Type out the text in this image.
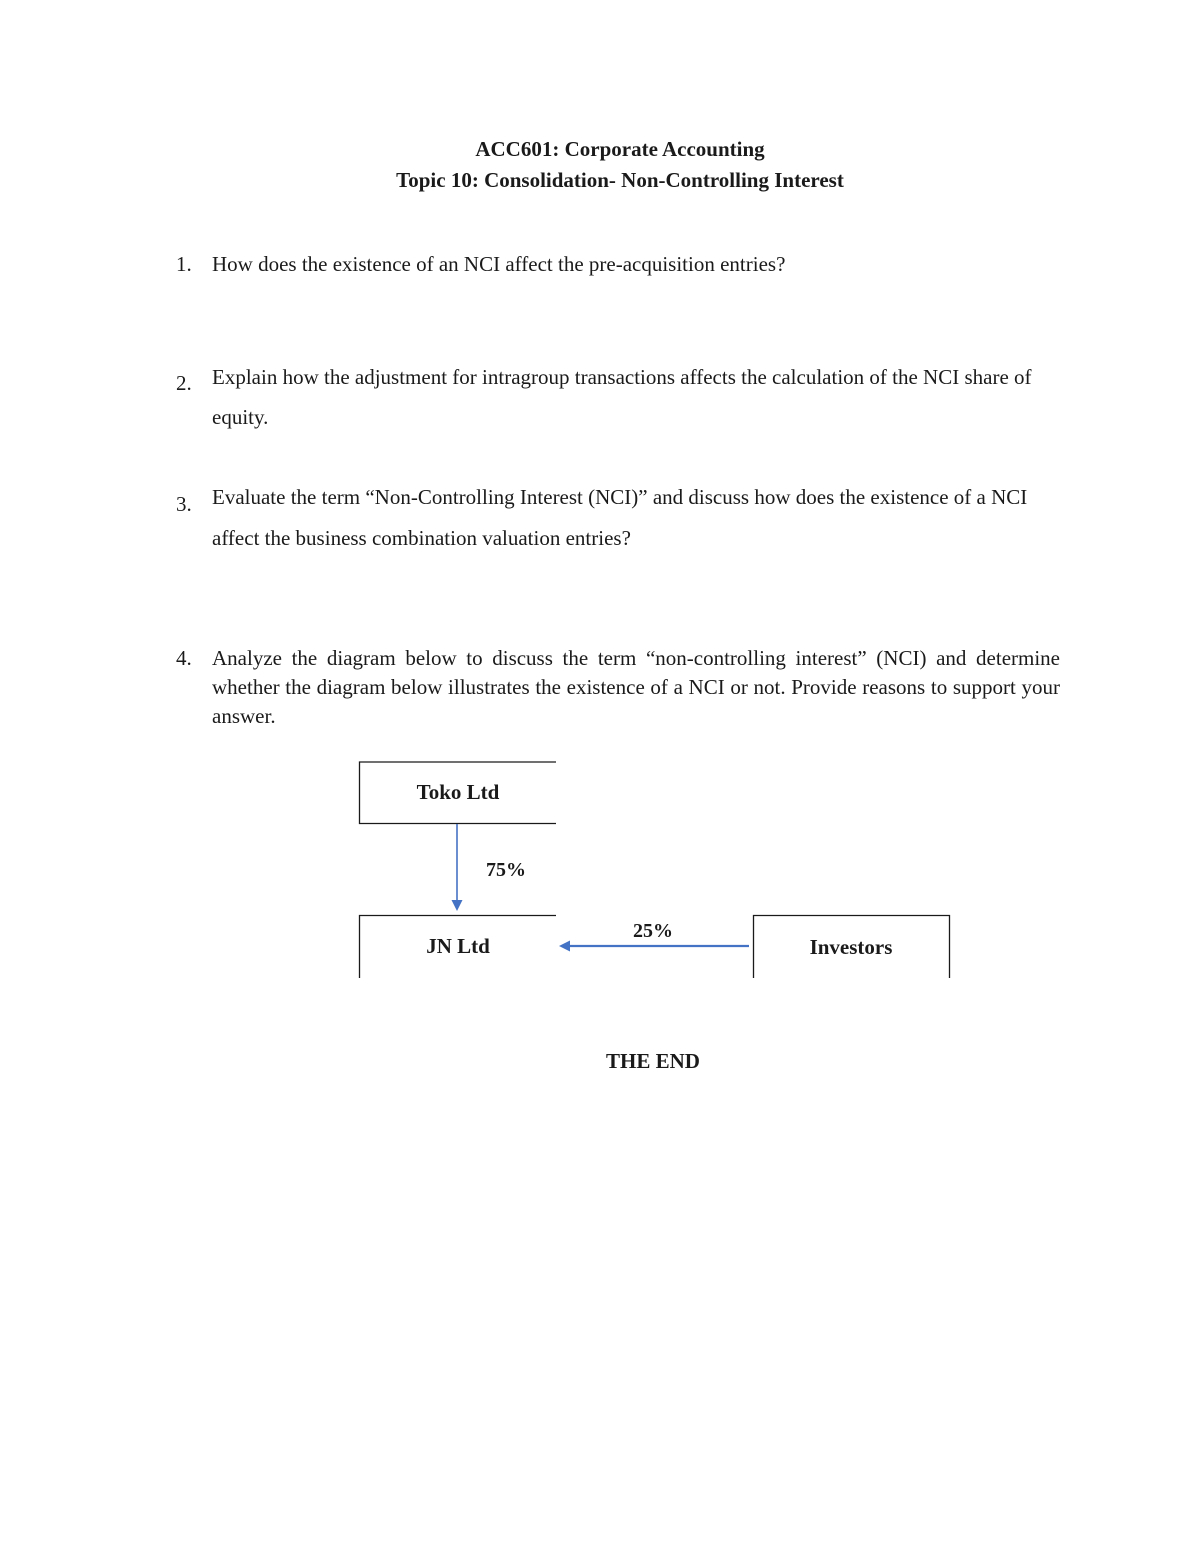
ACC601: Corporate Accounting
Topic 10: Consolidation- Non-Controlling Interest
1. How does the existence of an NCI affect the pre-acquisition entries?
2. Explain how the adjustment for intragroup transactions affects the calculation of the NCI share of equity.
3. Evaluate the term “Non-Controlling Interest (NCI)” and discuss how does the existence of a NCI affect the business combination valuation entries?
4. Analyze the diagram below to discuss the term “non-controlling interest” (NCI) and determine whether the diagram below illustrates the existence of a NCI or not. Provide reasons to support your answer.
Toko Ltd
JN Ltd	Investors
75%
25%
THE END
